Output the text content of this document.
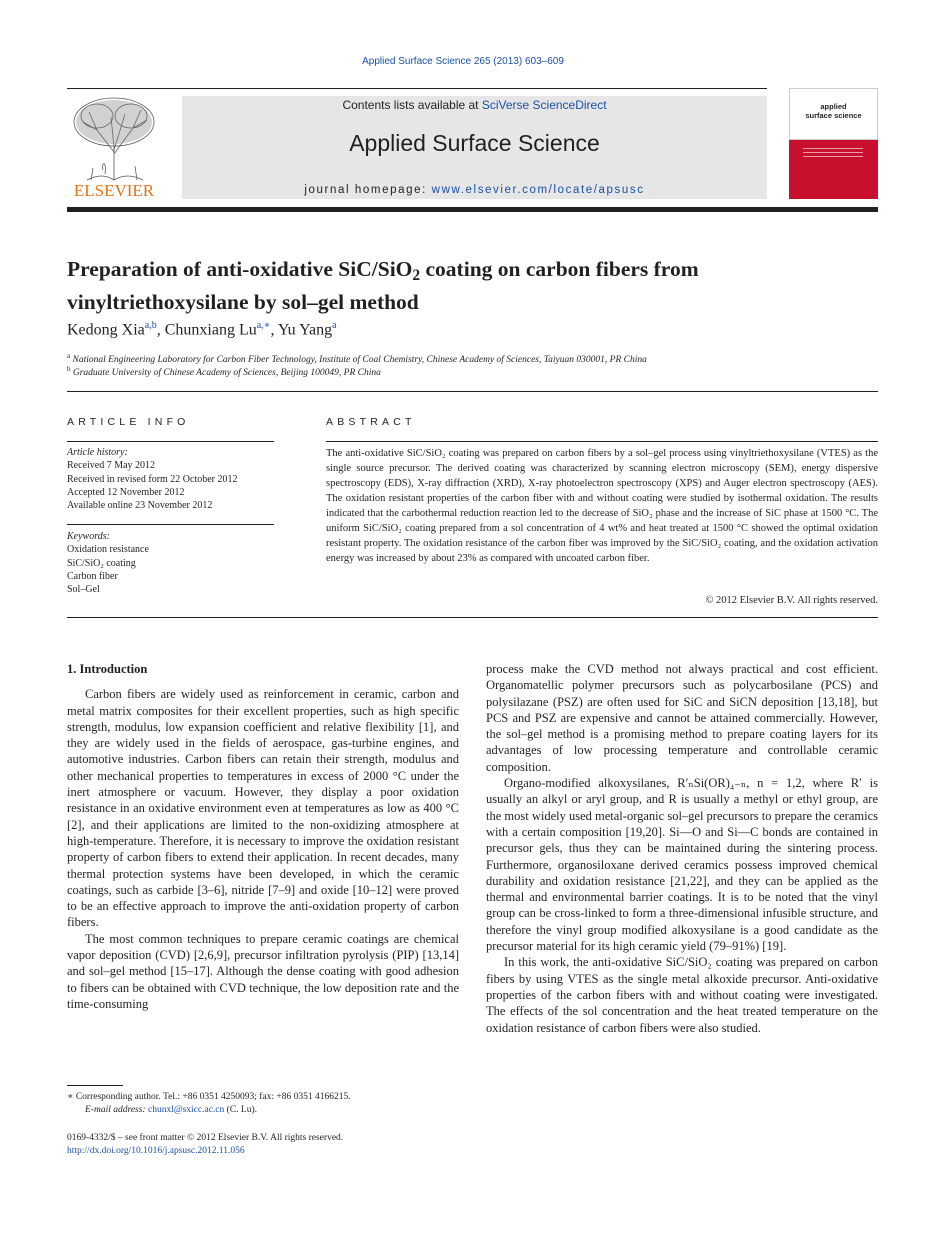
Applied Surface Science 265 (2013) 603–609
ELSEVIER
Contents lists available at SciVerse ScienceDirect
Applied Surface Science
journal homepage: www.elsevier.com/locate/apsusc
applied
surface science
Preparation of anti-oxidative SiC/SiO$_2$ coating on carbon fibers from
vinyltriethoxysilane by sol–gel method
Kedong Xia$^{a,b}$, Chunxiang $Lu^{a,∗}$, Yu Yang$^a$
$^a$ National Engineering Laboratory for Carbon Fiber Technology, Institute of Coal Chemistry, Chinese Academy of Sciences, Taiyuan 030001, PR China
$^b$ Graduate University of Chinese Academy of Sciences, Beijing 100049, PR China
ARTICLE INFO
Article history:
Received 7 May 2012
Received in revised form 22 October 2012
Accepted 12 November 2012
Available online 23 November 2012
Keywords:
Oxidation resistance
SiC/SiO₂ coating
Carbon fiber
Sol–Gel
ABSTRACT
The anti-oxidative SiC/SiO₂ coating was prepared on carbon fibers by a sol–gel process using vinyltriethoxysilane (VTES) as the single source precursor. The derived coating was characterized by scanning electron microscopy (SEM), energy dispersive spectroscopy (EDS), X-ray diffraction (XRD), X-ray photoelectron spectroscopy (XPS) and Auger electron spectroscopy (AES). The oxidation resistant properties of the carbon fiber with and without coating were studied by isothermal oxidation. The results indicated that the carbothermal reduction reaction led to the decrease of SiO₂ phase and the increase of SiC phase at 1500 °C. The uniform SiC/SiO₂ coating prepared from a sol concentration of 4 wt% and heat treated at 1500 °C showed the optimal oxidation resistant property. The oxidation resistance of the carbon fiber was improved by the SiC/SiO₂ coating, and the oxidation activation energy was increased by about 23% as compared with uncoated carbon fiber.
© 2012 Elsevier B.V. All rights reserved.
1. Introduction

Carbon fibers are widely used as reinforcement in ceramic, carbon and metal matrix composites for their excellent properties, such as high specific strength, modulus, low expansion coefficient and relative flexibility [1], and they are widely used in the fields of aerospace, gas-turbine engines, and automotive industries. Carbon fibers can retain their strength, modulus and other mechanical properties to temperatures in excess of 2000 °C under the inert atmosphere or vacuum. However, they display a poor oxidation resistance in an oxidative environment even at temperatures as low as 400 °C [2], and their applications are limited to the non-oxidizing atmosphere at high-temperature. Therefore, it is necessary to improve the oxidation resistant property of carbon fibers to extend their application. In recent decades, many thermal protection systems have been developed, in which the ceramic coatings, such as carbide [3–6], nitride [7–9] and oxide [10–12] were proved to be an effective approach to improve the anti-oxidation property of carbon fibers.

The most common techniques to prepare ceramic coatings are chemical vapor deposition (CVD) [2,6,9], precursor infiltration pyrolysis (PIP) [13,14] and sol–gel method [15–17]. Although the dense coating with good adhesion to fibers can be obtained with CVD technique, the low deposition rate and the time-consuming

process make the CVD method not always practical and cost efficient. Organomatellic polymer precursors such as polycarbosilane (PCS) and polysilazane (PSZ) are often used for SiC and SiCN deposition [13,18], but PCS and PSZ are expensive and cannot be attained commercially. However, the sol–gel method is a promising method to prepare coating layers for its advantages of low processing temperature and controllable ceramic composition.

Organo-modified alkoxysilanes, R′ₙSi(OR)₄₋ₙ, n = 1,2, where R′ is usually an alkyl or aryl group, and R is usually a methyl or ethyl group, are the most widely used metal-organic sol–gel precursors to prepare the ceramics with a certain composition [19,20]. Si—O and Si—C bonds are contained in precursor gels, thus they can be maintained during the sintering process. Furthermore, organosiloxane derived ceramics possess improved chemical durability and oxidation resistance [21,22], and they can be applied as the thermal and environmental barrier coatings. It is to be noted that the vinyl group can be cross-linked to form a three-dimensional infusible structure, and therefore the vinyl group modified alkoxysilane is a good candidate as the precursor material for its high ceramic yield (79–91%) [19].

In this work, the anti-oxidative SiC/SiO₂ coating was prepared on carbon fibers by using VTES as the single metal alkoxide precursor. Anti-oxidative properties of the carbon fibers with and without coating were investigated. The effects of the sol concentration and the heat treated temperature on the oxidation resistance of carbon fibers were also studied.

∗ Corresponding author. Tel.: +86 0351 4250093; fax: +86 0351 4166215.
E-mail address: chunxl@sxicc.ac.cn (C. Lu).
0169-4332/$ – see front matter © 2012 Elsevier B.V. All rights reserved.
http://dx.doi.org/10.1016/j.apsusc.2012.11.056
